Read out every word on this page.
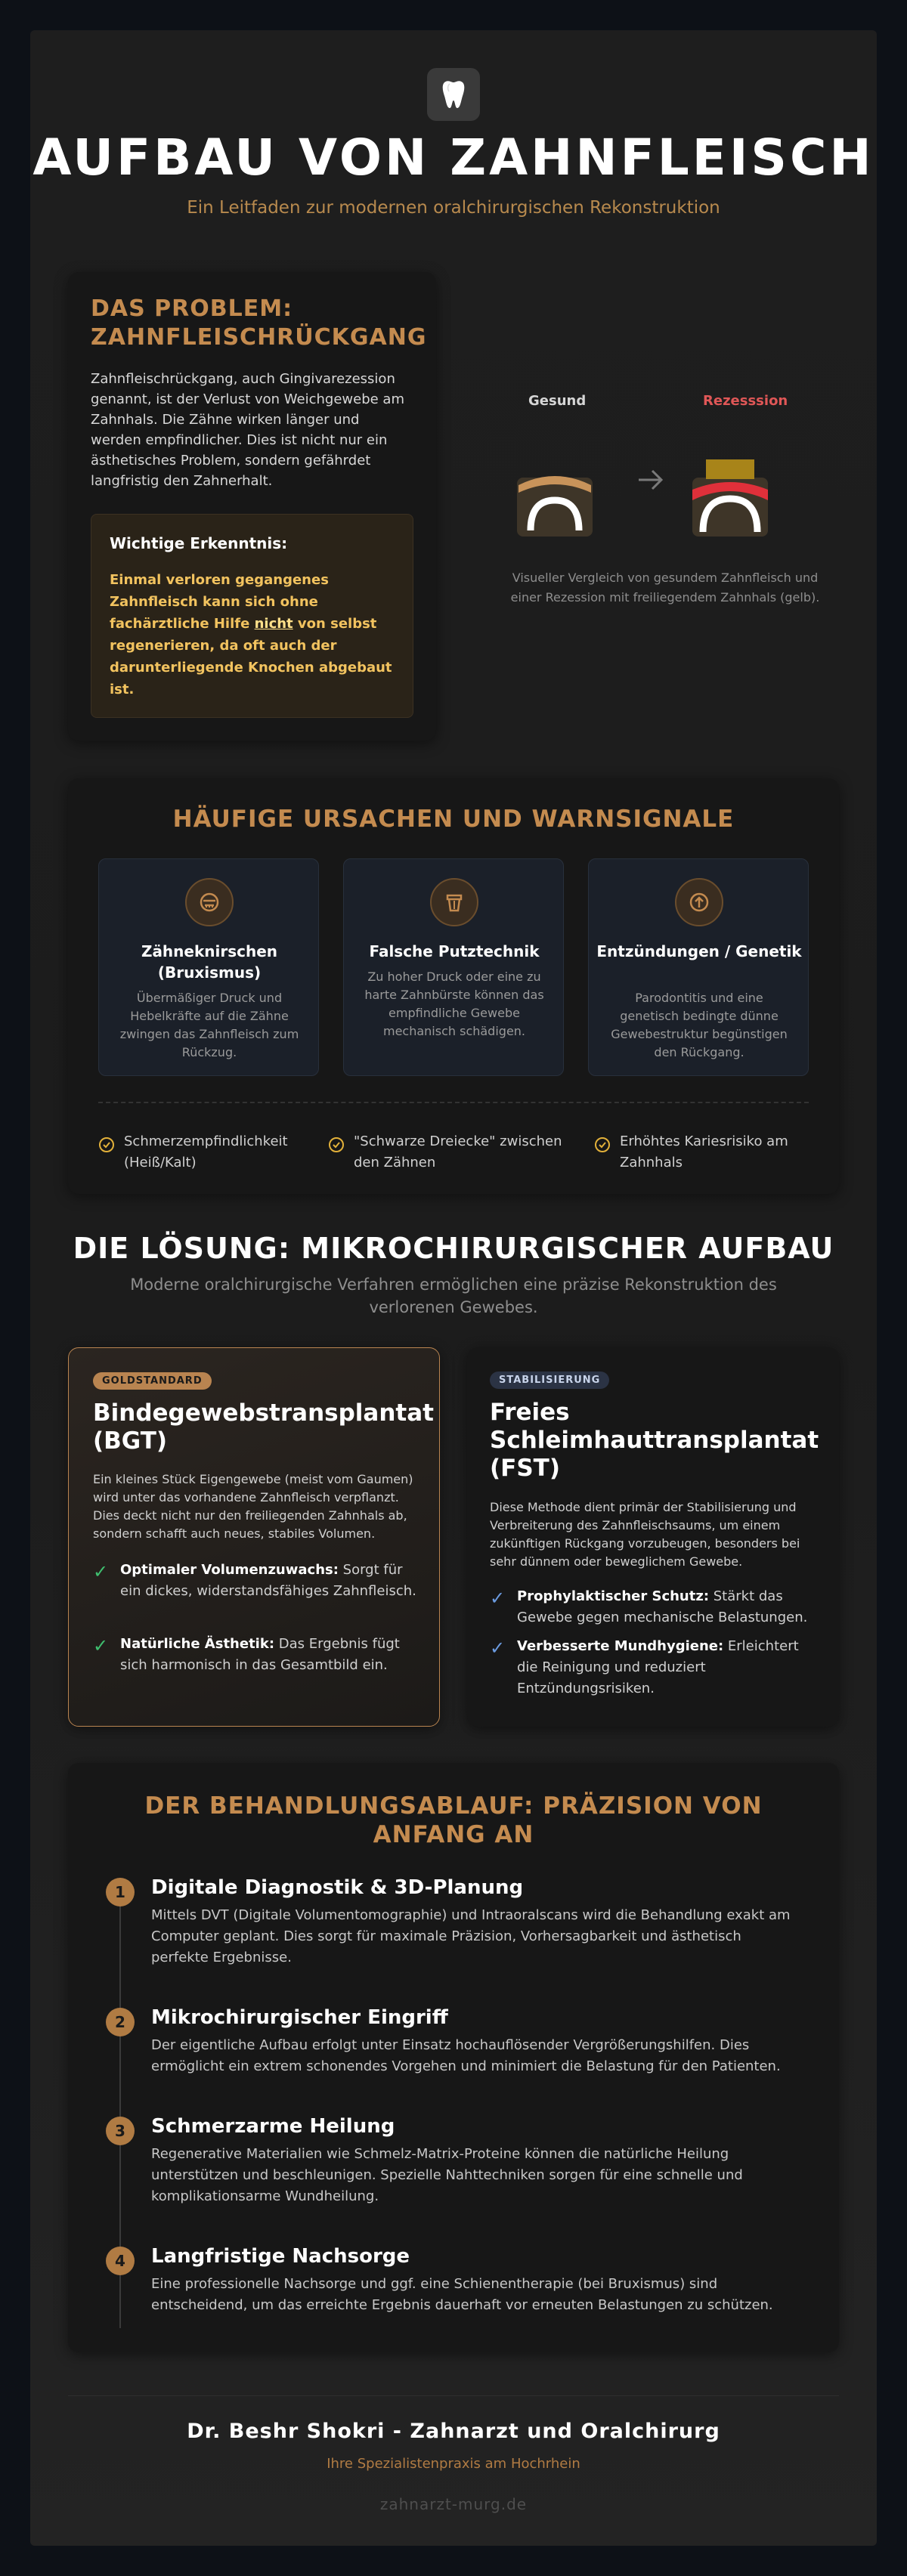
AUFBAU VON ZAHNFLEISCH
Ein Leitfaden zur modernen oralchirurgischen Rekonstruktion
DAS PROBLEM: ZAHNFLEISCHRÜCKGANG
Zahnfleischrückgang, auch Gingivarezession genannt, ist der Verlust von Weichgewebe am Zahnhals. Die Zähne wirken länger und werden empfindlicher. Dies ist nicht nur ein ästhetisches Problem, sondern gefährdet langfristig den Zahnerhalt.
Wichtige Erkenntnis:
Einmal verloren gegangenes Zahnfleisch kann sich ohne fachärztliche Hilfe nicht von selbst regenerieren, da oft auch der darunterliegende Knochen abgebaut ist.
Gesund	Rezesssion
Visueller Vergleich von gesundem Zahnfleisch und einer Rezession mit freiliegendem Zahnhals (gelb).
HÄUFIGE URSACHEN UND WARNSIGNALE
Zähneknirschen (Bruxismus)
Übermäßiger Druck und Hebelkräfte auf die Zähne zwingen das Zahnfleisch zum Rückzug.
Falsche Putztechnik
Zu hoher Druck oder eine zu harte Zahnbürste können das empfindliche Gewebe mechanisch schädigen.
Entzündungen / Genetik
Parodontitis und eine genetisch bedingte dünne Gewebestruktur begünstigen den Rückgang.
Schmerzempfindlichkeit (Heiß/Kalt)
"Schwarze Dreiecke" zwischen den Zähnen
Erhöhtes Kariesrisiko am Zahnhals
DIE LÖSUNG: MIKROCHIRURGISCHER AUFBAU
Moderne oralchirurgische Verfahren ermöglichen eine präzise Rekonstruktion des verlorenen Gewebes.
GOLDSTANDARD
Bindegewebstransplantat (BGT)
Ein kleines Stück Eigengewebe (meist vom Gaumen) wird unter das vorhandene Zahnfleisch verpflanzt. Dies deckt nicht nur den freiliegenden Zahnhals ab, sondern schafft auch neues, stabiles Volumen.
✓ Optimaler Volumenzuwachs: Sorgt für ein dickes, widerstandsfähiges Zahnfleisch.
✓ Natürliche Ästhetik: Das Ergebnis fügt sich harmonisch in das Gesamtbild ein.
STABILISIERUNG
Freies Schleimhauttransplantat (FST)
Diese Methode dient primär der Stabilisierung und Verbreiterung des Zahnfleischsaums, um einem zukünftigen Rückgang vorzubeugen, besonders bei sehr dünnem oder beweglichem Gewebe.
✓ Prophylaktischer Schutz: Stärkt das Gewebe gegen mechanische Belastungen.
✓ Verbesserte Mundhygiene: Erleichtert die Reinigung und reduziert Entzündungsrisiken.
DER BEHANDLUNGSABLAUF: PRÄZISION VON ANFANG AN
1	Digitale Diagnostik & 3D-Planung
Mittels DVT (Digitale Volumentomographie) und Intraoralscans wird die Behandlung exakt am Computer geplant. Dies sorgt für maximale Präzision, Vorhersagbarkeit und ästhetisch perfekte Ergebnisse.
2	Mikrochirurgischer Eingriff
Der eigentliche Aufbau erfolgt unter Einsatz hochauflösender Vergrößerungshilfen. Dies ermöglicht ein extrem schonendes Vorgehen und minimiert die Belastung für den Patienten.
3	Schmerzarme Heilung
Regenerative Materialien wie Schmelz-Matrix-Proteine können die natürliche Heilung unterstützen und beschleunigen. Spezielle Nahttechniken sorgen für eine schnelle und komplikationsarme Wundheilung.
4	Langfristige Nachsorge
Eine professionelle Nachsorge und ggf. eine Schienentherapie (bei Bruxismus) sind entscheidend, um das erreichte Ergebnis dauerhaft vor erneuten Belastungen zu schützen.
Dr. Beshr Shokri - Zahnarzt und Oralchirurg
Ihre Spezialistenpraxis am Hochrhein
zahnarzt-murg.de
